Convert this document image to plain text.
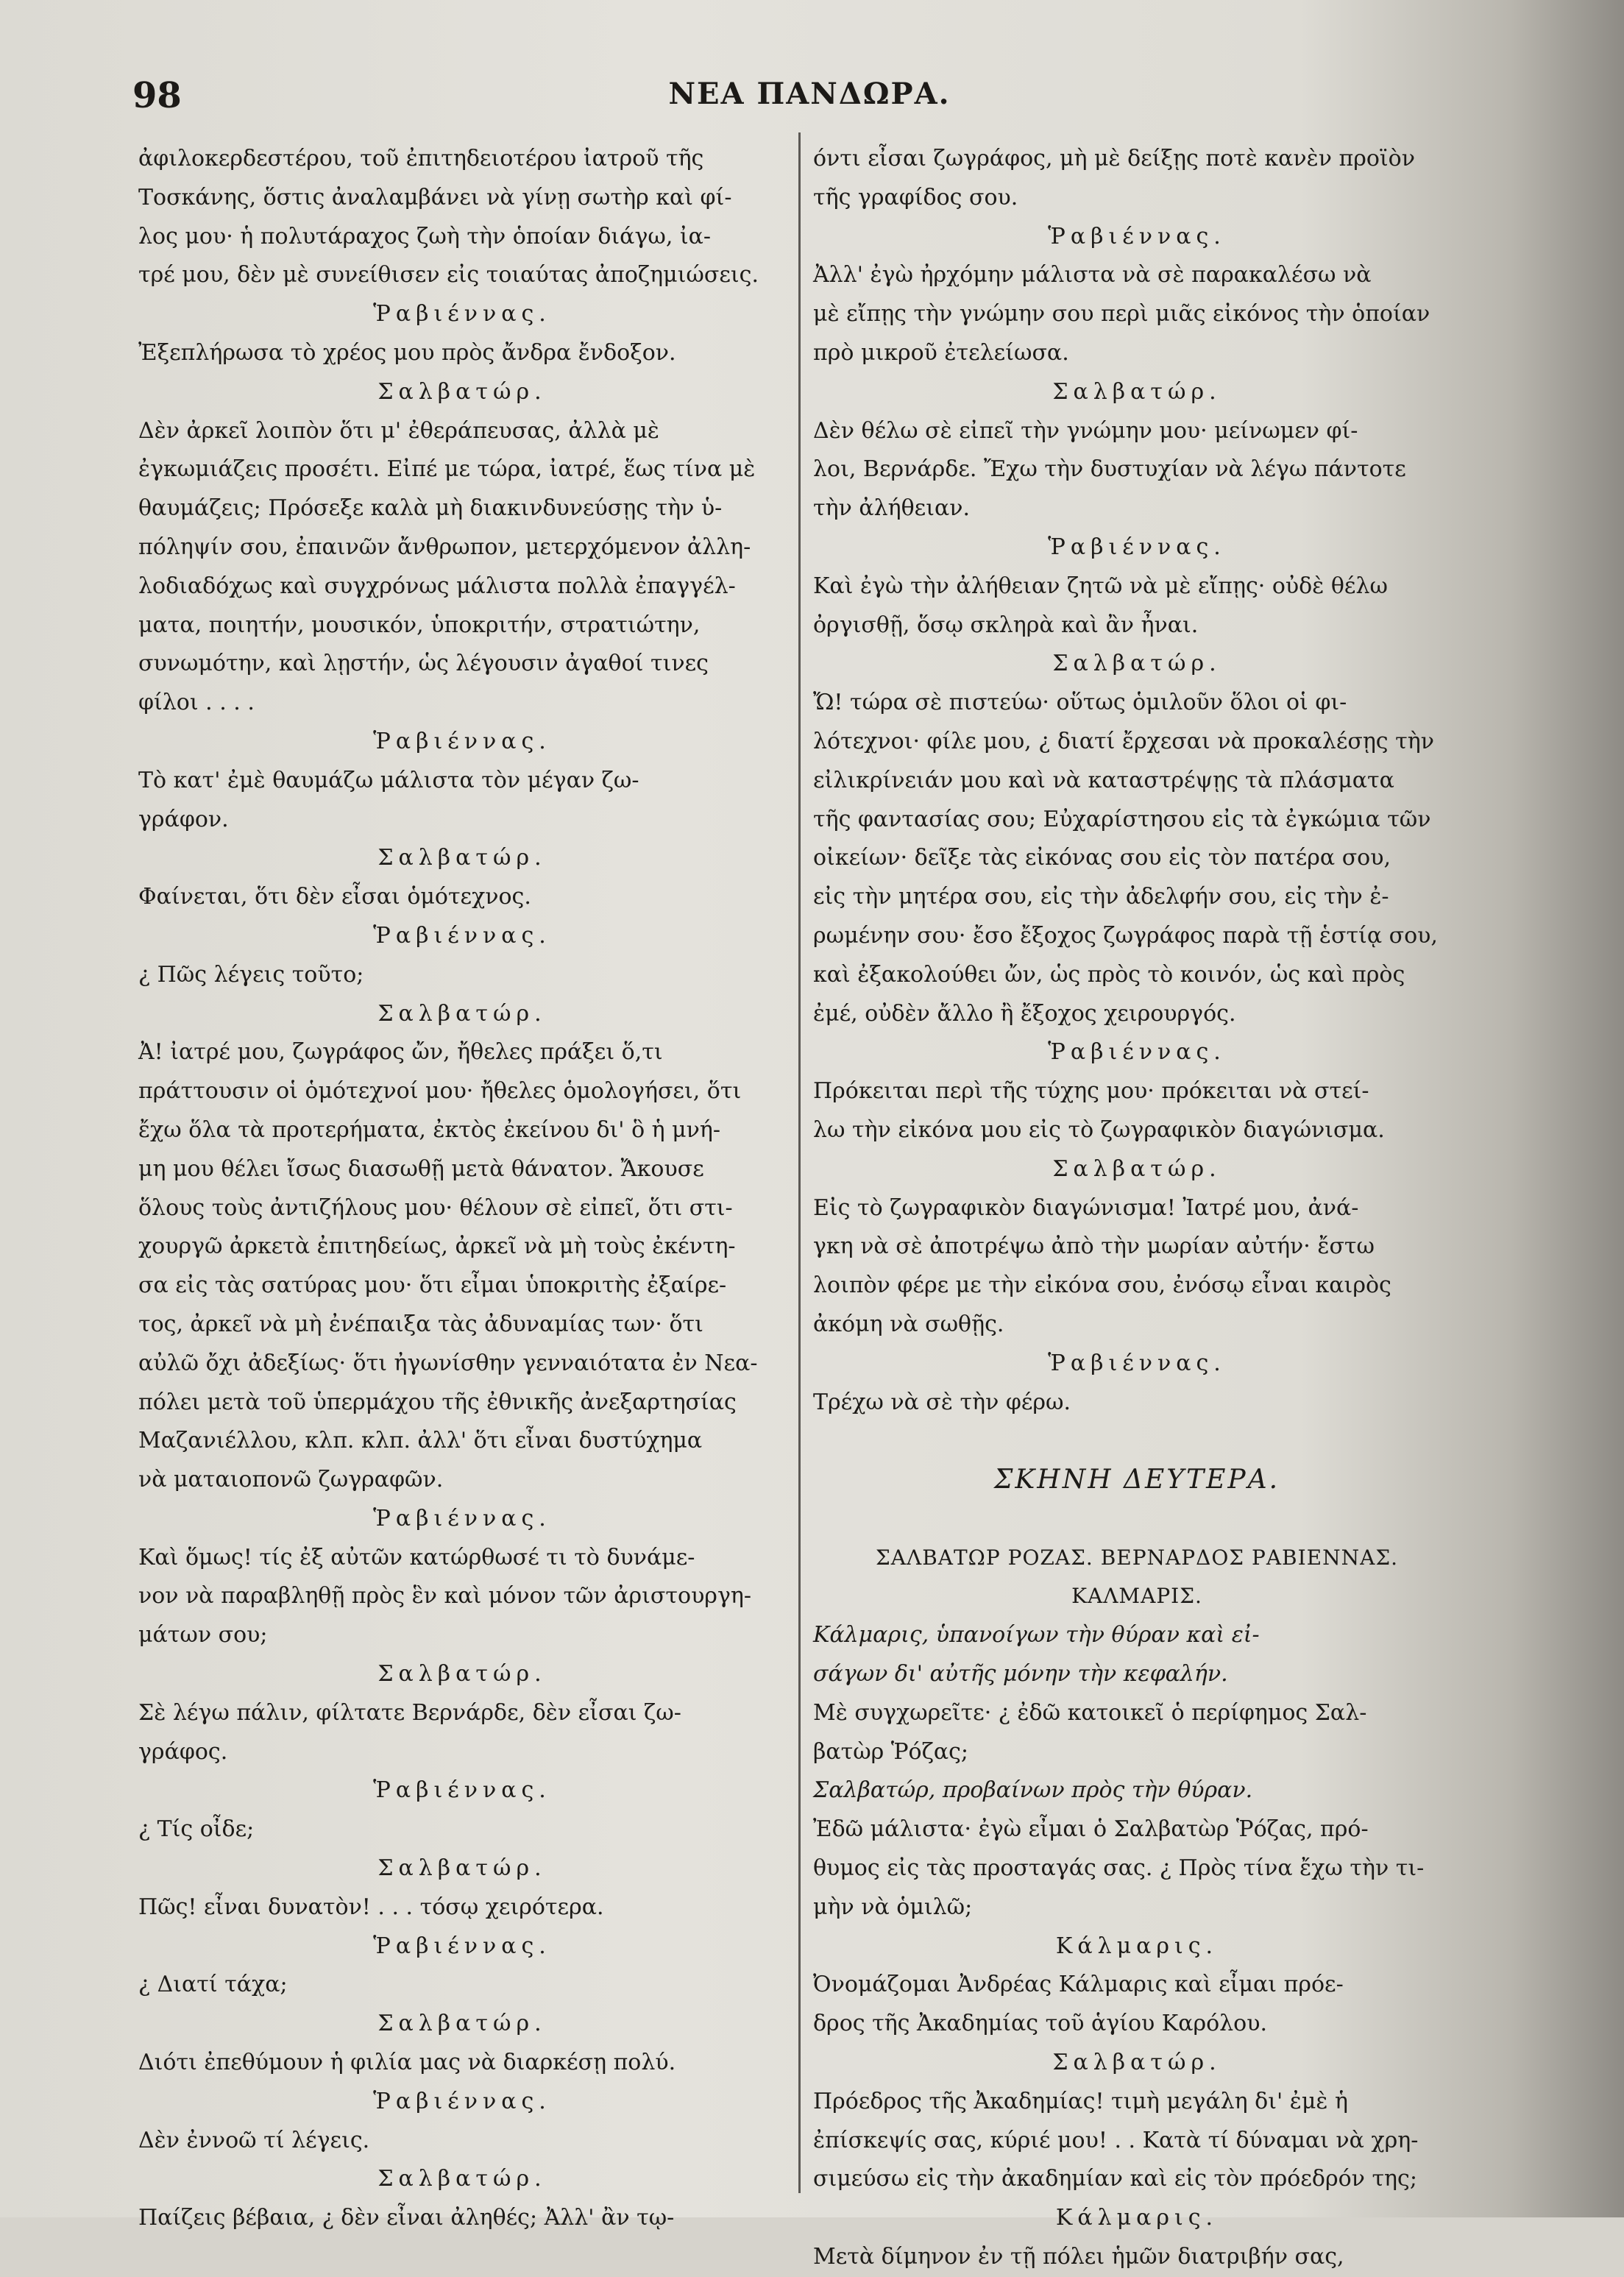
98	ΝΕΑ ΠΑΝΔΩΡΑ.
ἀφιλοκερδεστέρου, τοῦ ἐπιτηδειοτέρου ἰατροῦ τῆς
Τοσκάνης, ὅστις ἀναλαμβάνει νὰ γίνῃ σωτὴρ καὶ φί-
λος μου· ἡ πολυτάραχος ζωὴ τὴν ὁποίαν διάγω, ἰα-
τρέ μου, δὲν μὲ συνείθισεν εἰς τοιαύτας ἀποζημιώσεις.
Ῥαβιέννας.
Ἐξεπλήρωσα τὸ χρέος μου πρὸς ἄνδρα ἔνδοξον.
Σαλβατώρ.
Δὲν ἀρκεῖ λοιπὸν ὅτι μ' ἐθεράπευσας, ἀλλὰ μὲ
ἐγκωμιάζεις προσέτι. Εἰπέ με τώρα, ἰατρέ, ἕως τίνα μὲ
θαυμάζεις; Πρόσεξε καλὰ μὴ διακινδυνεύσῃς τὴν ὑ-
πόληψίν σου, ἐπαινῶν ἄνθρωπον, μετερχόμενον ἀλλη-
λοδιαδόχως καὶ συγχρόνως μάλιστα πολλὰ ἐπαγγέλ-
ματα, ποιητήν, μουσικόν, ὑποκριτήν, στρατιώτην,
συνωμότην, καὶ λῃστήν, ὡς λέγουσιν ἀγαθοί τινες
φίλοι . . . .
Ῥαβιέννας.
Τὸ κατ' ἐμὲ θαυμάζω μάλιστα τὸν μέγαν ζω-
γράφον.
Σαλβατώρ.
Φαίνεται, ὅτι δὲν εἶσαι ὁμότεχνος.
Ῥαβιέννας.
¿ Πῶς λέγεις τοῦτο;
Σαλβατώρ.
Ἀ! ἰατρέ μου, ζωγράφος ὤν, ἤθελες πράξει ὅ,τι
πράττουσιν οἱ ὁμότεχνοί μου· ἤθελες ὁμολογήσει, ὅτι
ἔχω ὅλα τὰ προτερήματα, ἐκτὸς ἐκείνου δι' ὃ ἡ μνή-
μη μου θέλει ἴσως διασωθῇ μετὰ θάνατον. Ἄκουσε
ὅλους τοὺς ἀντιζήλους μου· θέλουν σὲ εἰπεῖ, ὅτι στι-
χουργῶ ἀρκετὰ ἐπιτηδείως, ἀρκεῖ νὰ μὴ τοὺς ἐκέντη-
σα εἰς τὰς σατύρας μου· ὅτι εἶμαι ὑποκριτὴς ἐξαίρε-
τος, ἀρκεῖ νὰ μὴ ἐνέπαιξα τὰς ἀδυναμίας των· ὅτι
αὐλῶ ὄχι ἀδεξίως· ὅτι ἠγωνίσθην γενναιότατα ἐν Νεα-
πόλει μετὰ τοῦ ὑπερμάχου τῆς ἐθνικῆς ἀνεξαρτησίας
Μαζανιέλλου, κλπ. κλπ. ἀλλ' ὅτι εἶναι δυστύχημα
νὰ ματαιοπονῶ ζωγραφῶν.
Ῥαβιέννας.
Καὶ ὅμως! τίς ἐξ αὐτῶν κατώρθωσέ τι τὸ δυνάμε-
νον νὰ παραβληθῇ πρὸς ἓν καὶ μόνον τῶν ἀριστουργη-
μάτων σου;
Σαλβατώρ.
Σὲ λέγω πάλιν, φίλτατε Βερνάρδε, δὲν εἶσαι ζω-
γράφος.
Ῥαβιέννας.
¿ Τίς οἶδε;
Σαλβατώρ.
Πῶς! εἶναι δυνατὸν! . . . τόσῳ χειρότερα.
Ῥαβιέννας.
¿ Διατί τάχα;
Σαλβατώρ.
Διότι ἐπεθύμουν ἡ φιλία μας νὰ διαρκέσῃ πολύ.
Ῥαβιέννας.
Δὲν ἐννοῶ τί λέγεις.
Σαλβατώρ.
Παίζεις βέβαια, ¿ δὲν εἶναι ἀληθές; Ἀλλ' ἂν τῳ-
όντι εἶσαι ζωγράφος, μὴ μὲ δείξῃς ποτὲ κανὲν προϊὸν
τῆς γραφίδος σου.
Ῥαβιέννας.
Ἀλλ' ἐγὼ ἠρχόμην μάλιστα νὰ σὲ παρακαλέσω νὰ
μὲ εἴπῃς τὴν γνώμην σου περὶ μιᾶς εἰκόνος τὴν ὁποίαν
πρὸ μικροῦ ἐτελείωσα.
Σαλβατώρ.
Δὲν θέλω σὲ εἰπεῖ τὴν γνώμην μου· μείνωμεν φί-
λοι, Βερνάρδε. Ἔχω τὴν δυστυχίαν νὰ λέγω πάντοτε
τὴν ἀλήθειαν.
Ῥαβιέννας.
Καὶ ἐγὼ τὴν ἀλήθειαν ζητῶ νὰ μὲ εἴπῃς· οὐδὲ θέλω
ὀργισθῇ, ὅσῳ σκληρὰ καὶ ἂν ἦναι.
Σαλβατώρ.
Ὤ! τώρα σὲ πιστεύω· οὕτως ὁμιλοῦν ὅλοι οἱ φι-
λότεχνοι· φίλε μου, ¿ διατί ἔρχεσαι νὰ προκαλέσῃς τὴν
εἰλικρίνειάν μου καὶ νὰ καταστρέψῃς τὰ πλάσματα
τῆς φαντασίας σου; Εὐχαρίστησου εἰς τὰ ἐγκώμια τῶν
οἰκείων· δεῖξε τὰς εἰκόνας σου εἰς τὸν πατέρα σου,
εἰς τὴν μητέρα σου, εἰς τὴν ἀδελφήν σου, εἰς τὴν ἐ-
ρωμένην σου· ἔσο ἔξοχος ζωγράφος παρὰ τῇ ἑστίᾳ σου,
καὶ ἐξακολούθει ὤν, ὡς πρὸς τὸ κοινόν, ὡς καὶ πρὸς
ἐμέ, οὐδὲν ἄλλο ἢ ἔξοχος χειρουργός.
Ῥαβιέννας.
Πρόκειται περὶ τῆς τύχης μου· πρόκειται νὰ στεί-
λω τὴν εἰκόνα μου εἰς τὸ ζωγραφικὸν διαγώνισμα.
Σαλβατώρ.
Εἰς τὸ ζωγραφικὸν διαγώνισμα! Ἰατρέ μου, ἀνά-
γκη νὰ σὲ ἀποτρέψω ἀπὸ τὴν μωρίαν αὐτήν· ἔστω
λοιπὸν φέρε με τὴν εἰκόνα σου, ἐνόσῳ εἶναι καιρὸς
ἀκόμη νὰ σωθῇς.
Ῥαβιέννας.
Τρέχω νὰ σὲ τὴν φέρω.

ΣΚΗΝΗ ΔΕΥΤΕΡΑ.

ΣΑΛΒΑΤΩΡ ΡΟΖΑΣ. ΒΕΡΝΑΡΔΟΣ ΡΑΒΙΕΝΝΑΣ.
ΚΑΛΜΑΡΙΣ.
Κάλμαρις, ὑπανοίγων τὴν θύραν καὶ εἰ-
σάγων δι' αὐτῆς μόνην τὴν κεφαλήν.
Μὲ συγχωρεῖτε· ¿ ἐδῶ κατοικεῖ ὁ περίφημος Σαλ-
βατὼρ Ῥόζας;
Σαλβατώρ, προβαίνων πρὸς τὴν θύραν.
Ἐδῶ μάλιστα· ἐγὼ εἶμαι ὁ Σαλβατὼρ Ῥόζας, πρό-
θυμος εἰς τὰς προσταγάς σας. ¿ Πρὸς τίνα ἔχω τὴν τι-
μὴν νὰ ὁμιλῶ;
Κάλμαρις.
Ὀνομάζομαι Ἀνδρέας Κάλμαρις καὶ εἶμαι πρόε-
δρος τῆς Ἀκαδημίας τοῦ ἁγίου Καρόλου.
Σαλβατώρ.
Πρόεδρος τῆς Ἀκαδημίας! τιμὴ μεγάλη δι' ἐμὲ ἡ
ἐπίσκεψίς σας, κύριέ μου! . . Κατὰ τί δύναμαι νὰ χρη-
σιμεύσω εἰς τὴν ἀκαδημίαν καὶ εἰς τὸν πρόεδρόν της;
Κάλμαρις.
Μετὰ δίμηνον ἐν τῇ πόλει ἡμῶν διατριβήν σας,
